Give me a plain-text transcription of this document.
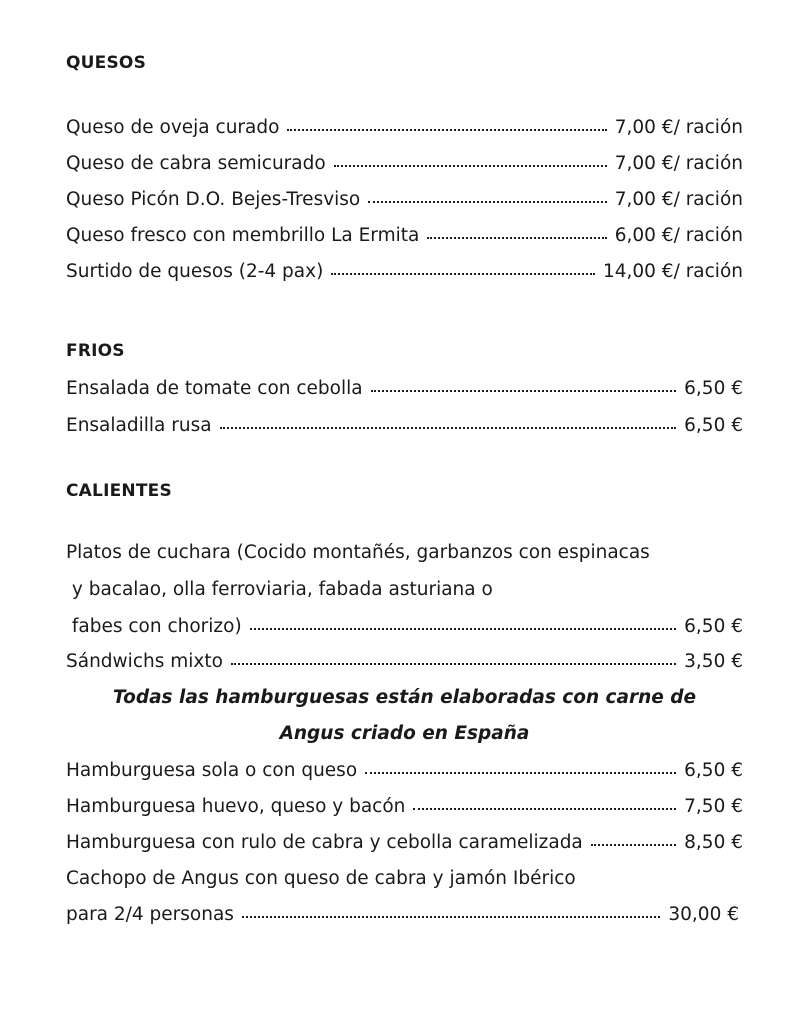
QUESOS
Queso de oveja curado	7,00 €/ ración
Queso de cabra semicurado	7,00 €/ ración
Queso Picón D.O. Bejes-Tresviso	7,00 €/ ración
Queso fresco con membrillo La Ermita	6,00 €/ ración
Surtido de quesos (2-4 pax)	14,00 €/ ración
FRIOS
Ensalada de tomate con cebolla	6,50 €
Ensaladilla rusa	6,50 €
CALIENTES
Platos de cuchara (Cocido montañés, garbanzos con espinacas
y bacalao, olla ferroviaria, fabada asturiana o
fabes con chorizo)	6,50 €
Sándwichs mixto	3,50 €
Todas las hamburguesas están elaboradas con carne de
Angus criado en España
Hamburguesa sola o con queso	6,50 €
Hamburguesa huevo, queso y bacón	7,50 €
Hamburguesa con rulo de cabra y cebolla caramelizada	8,50 €
Cachopo de Angus con queso de cabra y jamón Ibérico
para 2/4 personas	30,00 €
